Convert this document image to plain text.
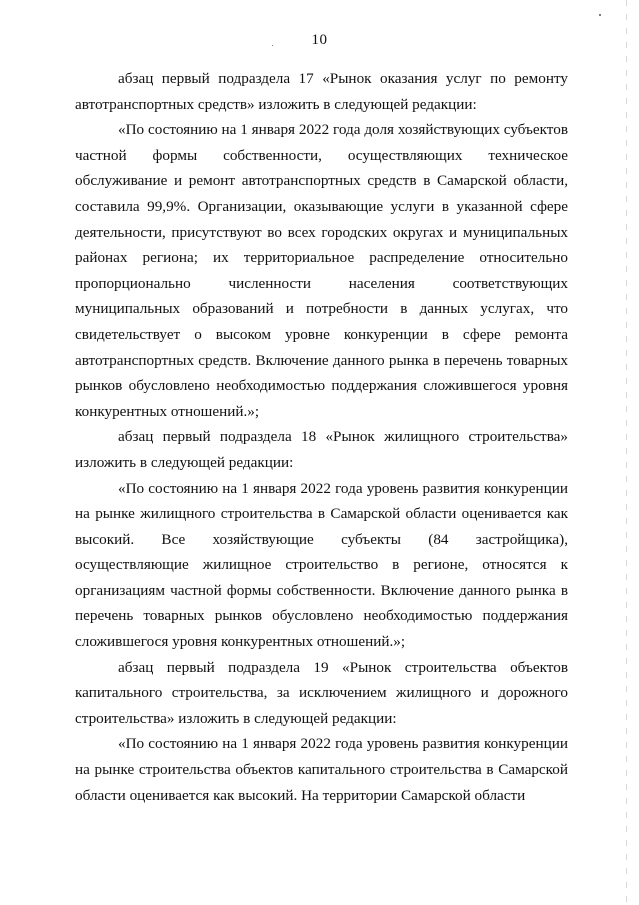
10

абзац первый подраздела 17 «Рынок оказания услуг по ремонту автотранспортных средств» изложить в следующей редакции:

«По состоянию на 1 января 2022 года доля хозяйствующих субъектов частной формы собственности, осуществляющих техническое обслуживание и ремонт автотранспортных средств в Самарской области, составила 99,9%. Организации, оказывающие услуги в указанной сфере деятельности, присутствуют во всех городских округах и муниципальных районах региона; их территориальное распределение относительно пропорционально численности населения соответствующих муниципальных образований и потребности в данных услугах, что свидетельствует о высоком уровне конкуренции в сфере ремонта автотранспортных средств. Включение данного рынка в перечень товарных рынков обусловлено необходимостью поддержания сложившегося уровня конкурентных отношений.»;

абзац первый подраздела 18 «Рынок жилищного строительства» изложить в следующей редакции:

«По состоянию на 1 января 2022 года уровень развития конкуренции на рынке жилищного строительства в Самарской области оценивается как высокий. Все хозяйствующие субъекты (84 застройщика), осуществляющие жилищное строительство в регионе, относятся к организациям частной формы собственности. Включение данного рынка в перечень товарных рынков обусловлено необходимостью поддержания сложившегося уровня конкурентных отношений.»;

абзац первый подраздела 19 «Рынок строительства объектов капитального строительства, за исключением жилищного и дорожного строительства» изложить в следующей редакции:

«По состоянию на 1 января 2022 года уровень развития конкуренции на рынке строительства объектов капитального строительства в Самарской области оценивается как высокий. На территории Самарской области
